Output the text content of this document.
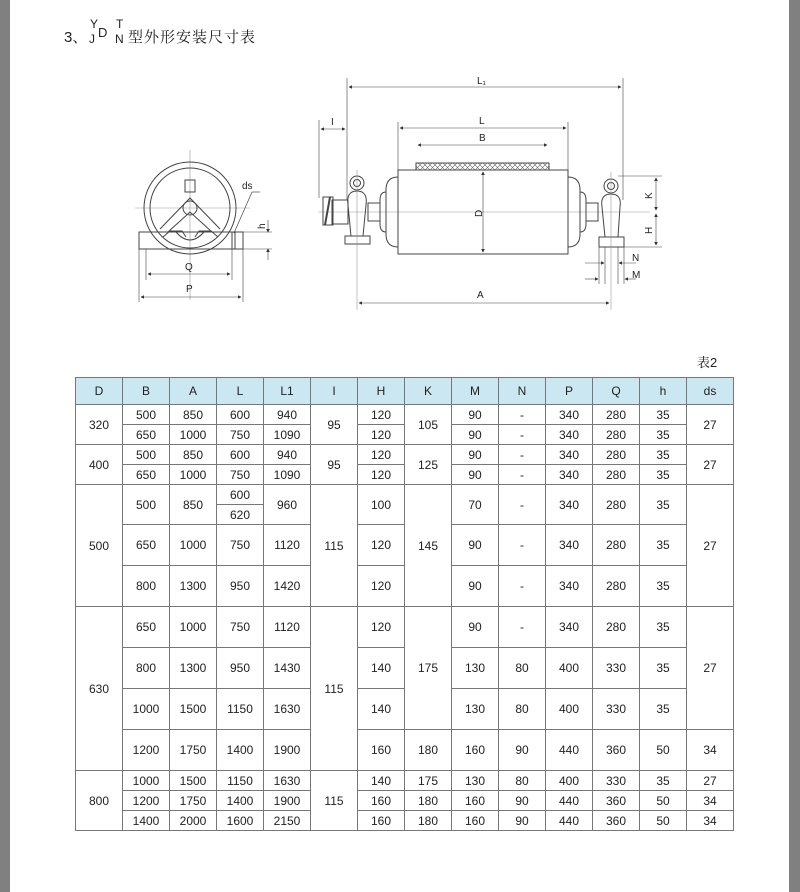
3、
Y
J D
T
N 型外形安装尺寸表
ds
h
Q
P
L₁
I	L
B
D
K
H
N
M
A
表2
D	B	A	L	L1	I	H	K	M	N	P	Q	h	ds
320	500	850	600	940	95	120	105	90	-	340	280	35	27
	650	1000	750	1090		120		90	-	340	280	35	
400	500	850	600	940	95	120	125	90	-	340	280	35	27
	650	1000	750	1090		120		90	-	340	280	35	
500	500	850	600	960	115	100	145	70	-	340	280	35	27
			620										
	650	1000	750	1120		120		90	-	340	280	35	
	800	1300	950	1420		120		90	-	340	280	35	
630	650	1000	750	1120	115	120	175	90	-	340	280	35	27
	800	1300	950	1430		140		130	80	400	330	35	
	1000	1500	1150	1630		140		130	80	400	330	35	
	1200	1750	1400	1900		160	180	160	90	440	360	50	34
800	1000	1500	1150	1630	115	140	175	130	80	400	330	35	27
	1200	1750	1400	1900		160	180	160	90	440	360	50	34
	1400	2000	1600	2150		160	180	160	90	440	360	50	34
